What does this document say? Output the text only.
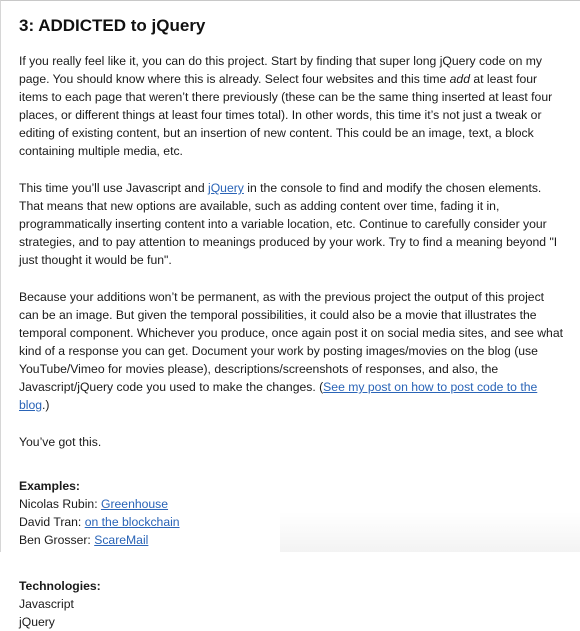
3: ADDICTED to jQuery

If you really feel like it, you can do this project. Start by finding that super long jQuery code on my page. You should know where this is already. Select four websites and this time add at least four items to each page that weren’t there previously (these can be the same thing inserted at least four places, or different things at least four times total). In other words, this time it’s not just a tweak or editing of existing content, but an insertion of new content. This could be an image, text, a block containing multiple media, etc.

This time you’ll use Javascript and jQuery in the console to find and modify the chosen elements. That means that new options are available, such as adding content over time, fading it in, programmatically inserting content into a variable location, etc. Continue to carefully consider your strategies, and to pay attention to meanings produced by your work. Try to find a meaning beyond "I just thought it would be fun".

Because your additions won’t be permanent, as with the previous project the output of this project can be an image. But given the temporal possibilities, it could also be a movie that illustrates the temporal component. Whichever you produce, once again post it on social media sites, and see what kind of a response you can get. Document your work by posting images/movies on the blog (use YouTube/Vimeo for movies please), descriptions/screenshots of responses, and also, the Javascript/jQuery code you used to make the changes. (See my post on how to post code to the blog.)

You’ve got this.

Examples:
Nicolas Rubin: Greenhouse
David Tran: on the blockchain
Ben Grosser: ScareMail
Technologies:
Javascript
jQuery
